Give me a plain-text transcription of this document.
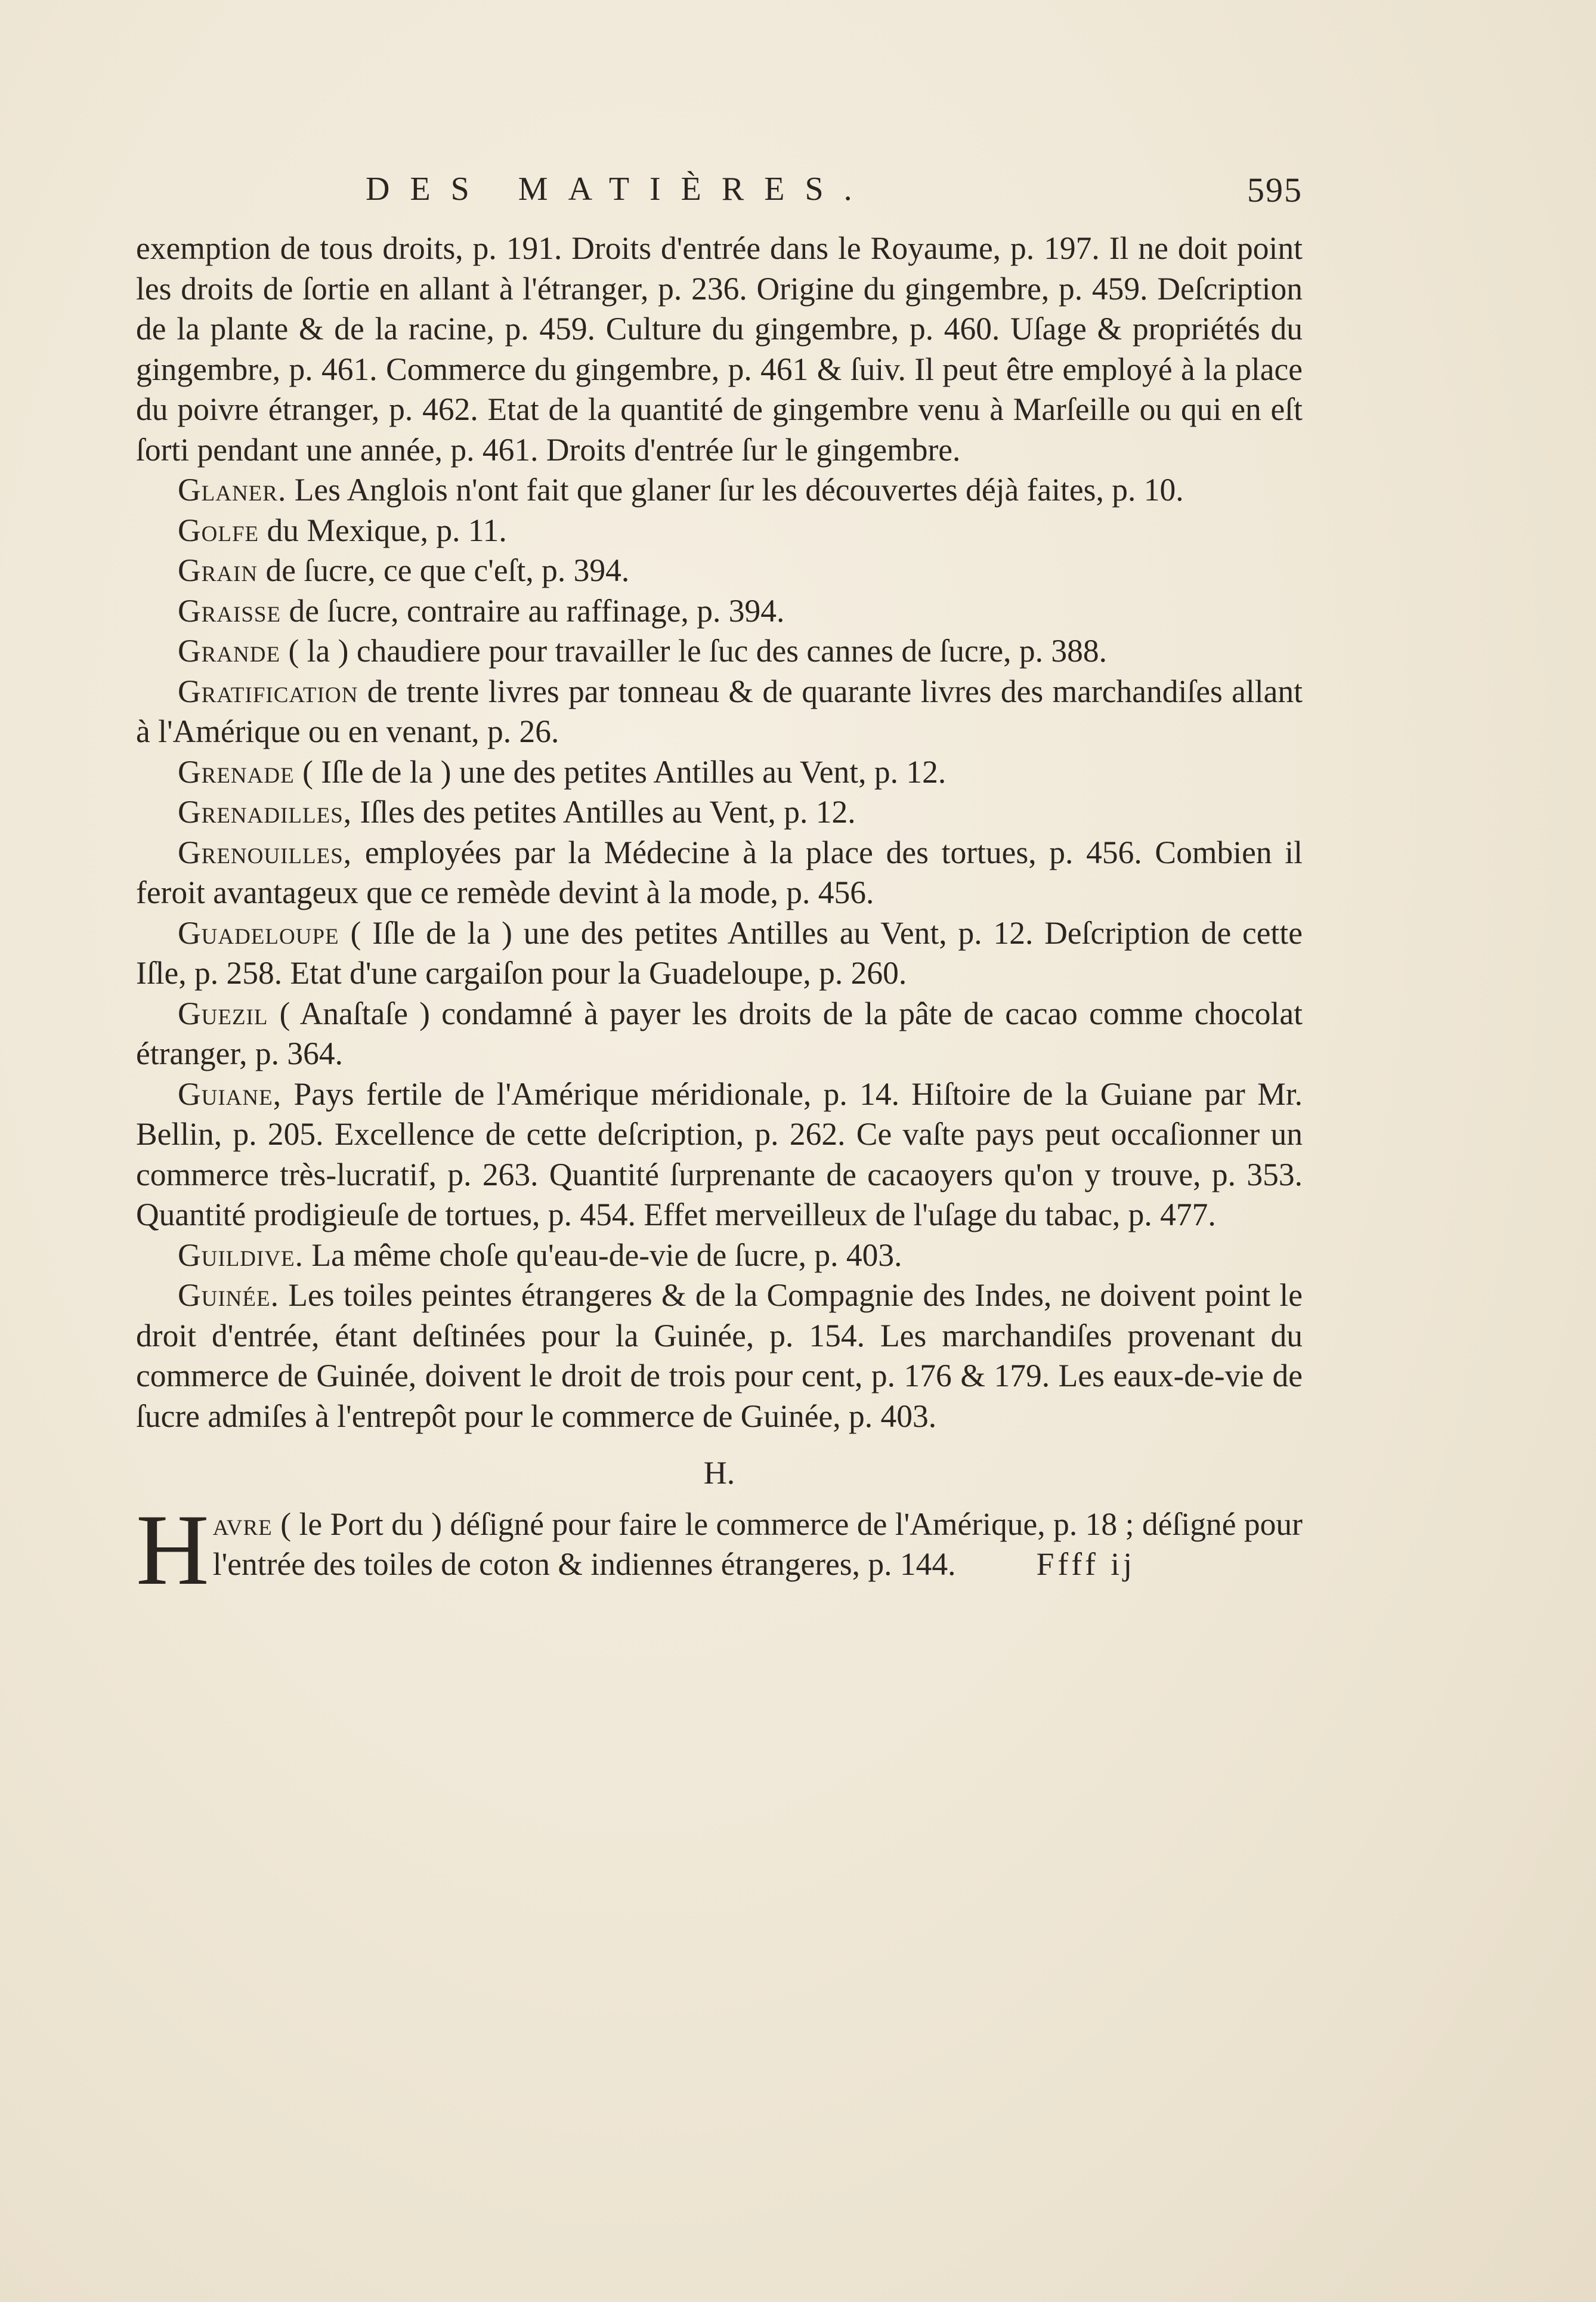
DES MATIÈRES.	595

exemption de tous droits, p. 191. Droits d'entrée dans le Royaume, p. 197. Il ne doit point les droits de ſortie en allant à l'étranger, p. 236. Origine du gingembre, p. 459. Deſcription de la plante & de la racine, p. 459. Culture du gingembre, p. 460. Uſage & propriétés du gingembre, p. 461. Commerce du gingembre, p. 461 & ſuiv. Il peut être employé à la place du poivre étranger, p. 462. Etat de la quantité de gingembre venu à Marſeille ou qui en eſt ſorti pendant une année, p. 461. Droits d'entrée ſur le gingembre.

Glaner. Les Anglois n'ont fait que glaner ſur les découvertes déjà faites, p. 10.

Golfe du Mexique, p. 11.

Grain de ſucre, ce que c'eſt, p. 394.

Graisse de ſucre, contraire au raffinage, p. 394.

Grande ( la ) chaudiere pour travailler le ſuc des cannes de ſucre, p. 388.

Gratification de trente livres par tonneau & de quarante livres des marchandiſes allant à l'Amérique ou en venant, p. 26.

Grenade ( Iſle de la ) une des petites Antilles au Vent, p. 12.

Grenadilles, Iſles des petites Antilles au Vent, p. 12.

Grenouilles, employées par la Médecine à la place des tortues, p. 456. Combien il feroit avantageux que ce remède devint à la mode, p. 456.

Guadeloupe ( Iſle de la ) une des petites Antilles au Vent, p. 12. Deſcription de cette Iſle, p. 258. Etat d'une cargaiſon pour la Guadeloupe, p. 260.

Guezil ( Anaſtaſe ) condamné à payer les droits de la pâte de cacao comme chocolat étranger, p. 364.

Guiane, Pays fertile de l'Amérique méridionale, p. 14. Hiſtoire de la Guiane par Mr. Bellin, p. 205. Excellence de cette deſcription, p. 262. Ce vaſte pays peut occaſionner un commerce très-lucratif, p. 263. Quantité ſurprenante de cacaoyers qu'on y trouve, p. 353. Quantité prodigieuſe de tortues, p. 454. Effet merveilleux de l'uſage du tabac, p. 477.

Guildive. La même choſe qu'eau-de-vie de ſucre, p. 403.

Guinée. Les toiles peintes étrangeres & de la Compagnie des Indes, ne doivent point le droit d'entrée, étant deſtinées pour la Guinée, p. 154. Les marchandiſes provenant du commerce de Guinée, doivent le droit de trois pour cent, p. 176 & 179. Les eaux-de-vie de ſucre admiſes à l'entrepôt pour le commerce de Guinée, p. 403.

H.

Havre ( le Port du ) déſigné pour faire le commerce de l'Amérique, p. 18 ; déſigné pour l'entrée des toiles de coton & indiennes étrangeres, p. 144.	Ffff ij
